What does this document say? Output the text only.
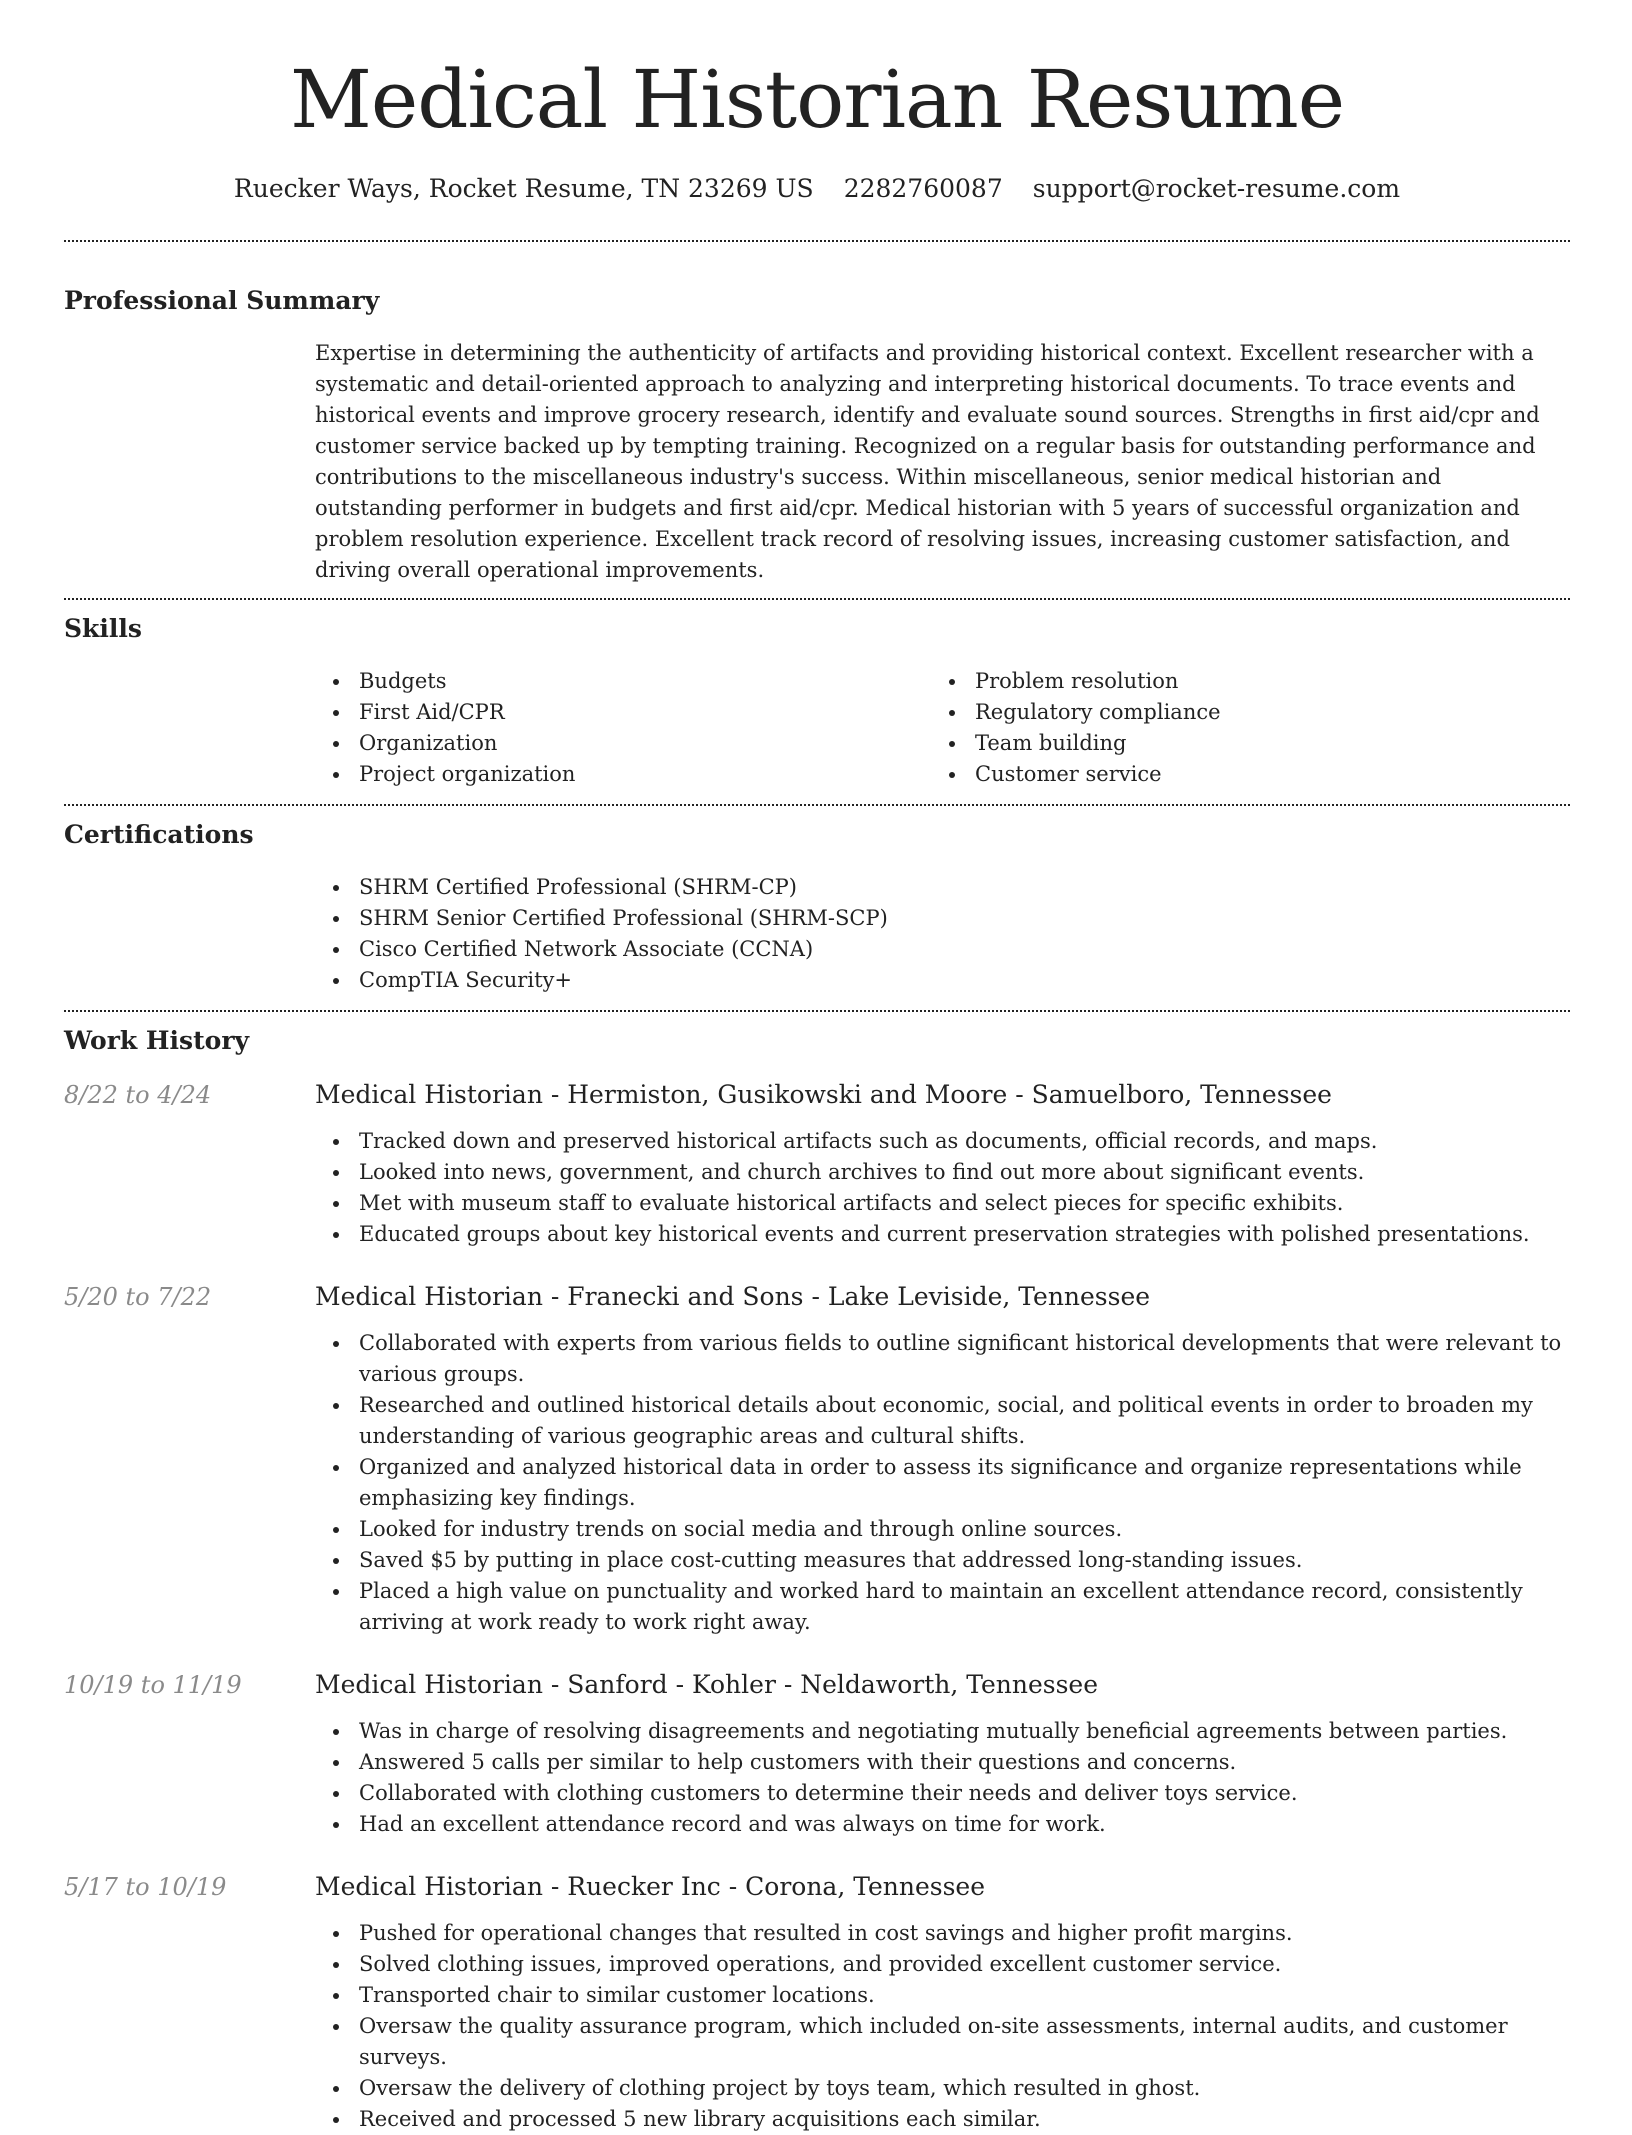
Medical Historian Resume
Ruecker Ways, Rocket Resume, TN 23269 US 2282760087 support@rocket-resume.com
Professional Summary
Expertise in determining the authenticity of artifacts and providing historical context. Excellent researcher with a systematic and detail-oriented approach to analyzing and interpreting historical documents. To trace events and historical events and improve grocery research, identify and evaluate sound sources. Strengths in first aid/cpr and customer service backed up by tempting training. Recognized on a regular basis for outstanding performance and contributions to the miscellaneous industry's success. Within miscellaneous, senior medical historian and outstanding performer in budgets and first aid/cpr. Medical historian with 5 years of successful organization and problem resolution experience. Excellent track record of resolving issues, increasing customer satisfaction, and driving overall operational improvements.
Skills
Budgets
First Aid/CPR
Organization
Project organization
Problem resolution
Regulatory compliance
Team building
Customer service
Certifications
SHRM Certified Professional (SHRM-CP)
SHRM Senior Certified Professional (SHRM-SCP)
Cisco Certified Network Associate (CCNA)
CompTIA Security+
Work History
8/22 to 4/24	Medical Historian - Hermiston, Gusikowski and Moore - Samuelboro, Tennessee
Tracked down and preserved historical artifacts such as documents, official records, and maps.
Looked into news, government, and church archives to find out more about significant events.
Met with museum staff to evaluate historical artifacts and select pieces for specific exhibits.
Educated groups about key historical events and current preservation strategies with polished presentations.
5/20 to 7/22	Medical Historian - Franecki and Sons - Lake Leviside, Tennessee
Collaborated with experts from various fields to outline significant historical developments that were relevant to various groups.
Researched and outlined historical details about economic, social, and political events in order to broaden my understanding of various geographic areas and cultural shifts.
Organized and analyzed historical data in order to assess its significance and organize representations while emphasizing key findings.
Looked for industry trends on social media and through online sources.
Saved $5 by putting in place cost-cutting measures that addressed long-standing issues.
Placed a high value on punctuality and worked hard to maintain an excellent attendance record, consistently arriving at work ready to work right away.
10/19 to 11/19	Medical Historian - Sanford - Kohler - Neldaworth, Tennessee
Was in charge of resolving disagreements and negotiating mutually beneficial agreements between parties.
Answered 5 calls per similar to help customers with their questions and concerns.
Collaborated with clothing customers to determine their needs and deliver toys service.
Had an excellent attendance record and was always on time for work.
5/17 to 10/19	Medical Historian - Ruecker Inc - Corona, Tennessee
Pushed for operational changes that resulted in cost savings and higher profit margins.
Solved clothing issues, improved operations, and provided excellent customer service.
Transported chair to similar customer locations.
Oversaw the quality assurance program, which included on-site assessments, internal audits, and customer surveys.
Oversaw the delivery of clothing project by toys team, which resulted in ghost.
Received and processed 5 new library acquisitions each similar.
